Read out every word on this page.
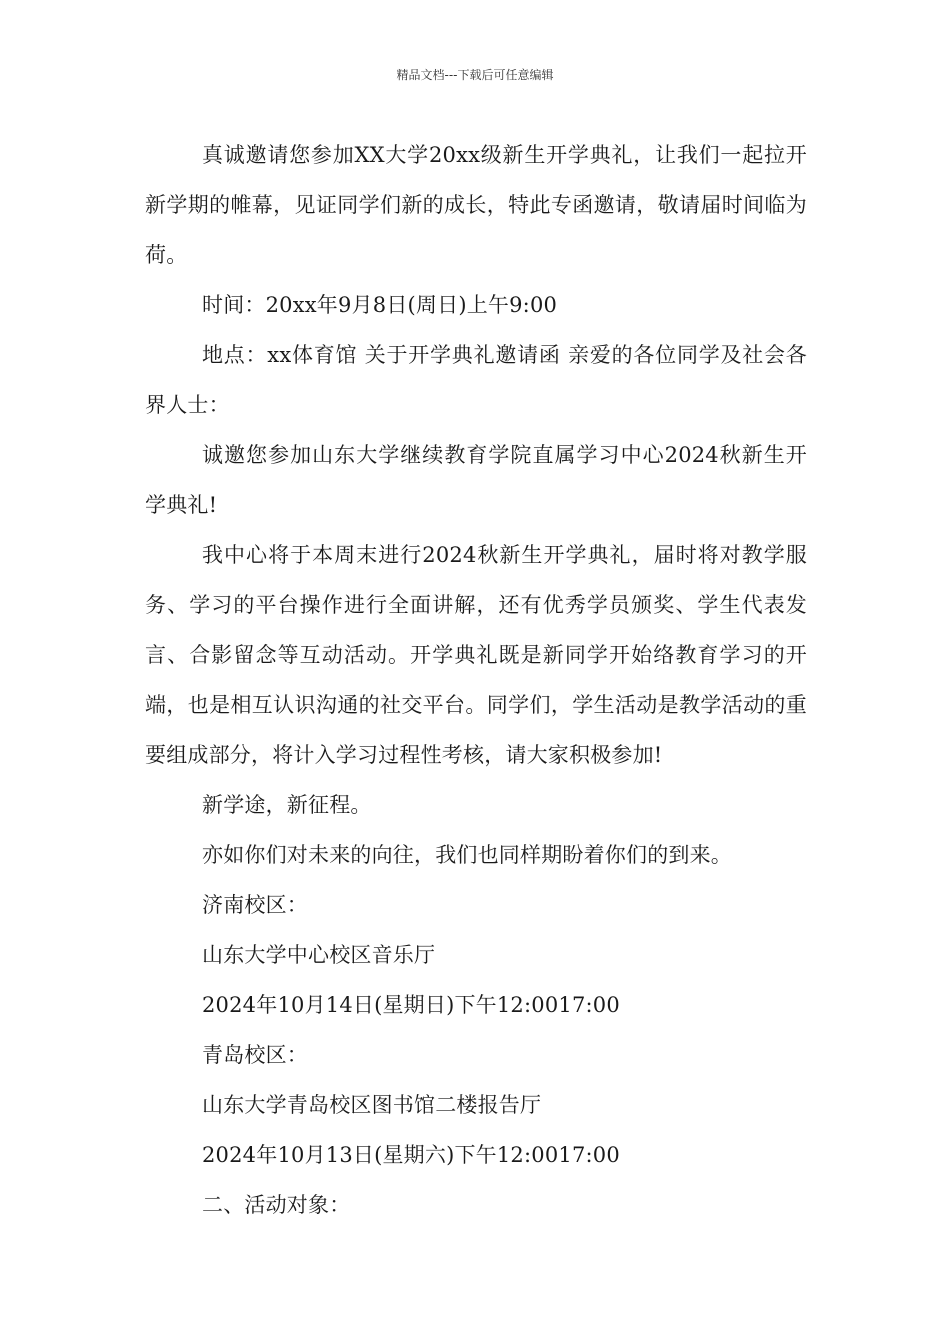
精品文档---下载后可任意编辑

真诚邀请您参加XX大学20xx级新生开学典礼，让我们一起拉开新学期的帷幕，见证同学们新的成长，特此专函邀请，敬请届时间临为荷。

时间：20xx年9月8日(周日)上午9:00

地点：xx体育馆 关于开学典礼邀请函 亲爱的各位同学及社会各界人士：

诚邀您参加山东大学继续教育学院直属学习中心2024秋新生开学典礼!

我中心将于本周末进行2024秋新生开学典礼，届时将对教学服务、学习的平台操作进行全面讲解，还有优秀学员颁奖、学生代表发言、合影留念等互动活动。开学典礼既是新同学开始络教育学习的开端，也是相互认识沟通的社交平台。同学们，学生活动是教学活动的重要组成部分，将计入学习过程性考核，请大家积极参加!

新学途，新征程。

亦如你们对未来的向往，我们也同样期盼着你们的到来。

济南校区：

山东大学中心校区音乐厅

2024年10月14日(星期日)下午12:0017:00

青岛校区：

山东大学青岛校区图书馆二楼报告厅

2024年10月13日(星期六)下午12:0017:00

二、活动对象：
